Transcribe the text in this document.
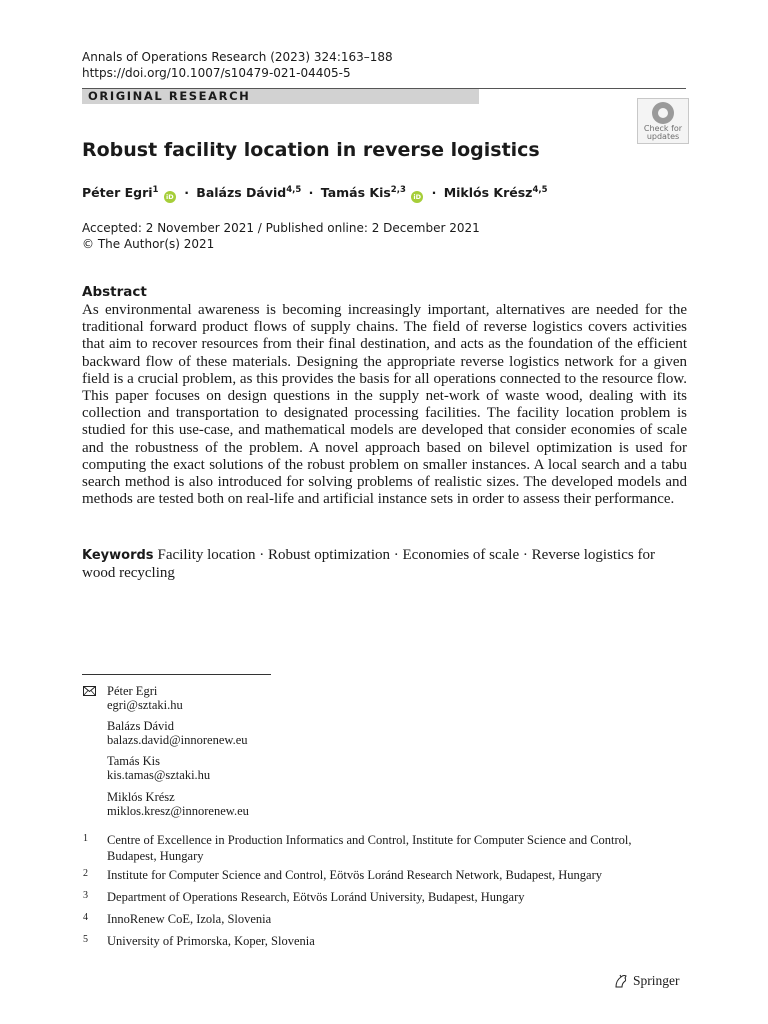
Annals of Operations Research (2023) 324:163–188
https://doi.org/10.1007/s10479-021-04405-5
ORIGINAL RESEARCH
Check for
updates
Robust facility location in reverse logistics
Péter Egri$^1$ iD · Balázs Dávid$^{4,5}$ · Tamás Kis$^{2,3}$ iD · Miklós Krész$^{4,5}$
Accepted: 2 November 2021 / Published online: 2 December 2021
© The Author(s) 2021
Abstract

As environmental awareness is becoming increasingly important, alternatives are needed for the traditional forward product flows of supply chains. The field of reverse logistics covers activities that aim to recover resources from their final destination, and acts as the foundation of the efficient backward flow of these materials. Designing the appropriate reverse logistics network for a given field is a crucial problem, as this provides the basis for all operations connected to the resource flow. This paper focuses on design questions in the supply net-work of waste wood, dealing with its collection and transportation to designated processing facilities. The facility location problem is studied for this use-case, and mathematical models are developed that consider economies of scale and the robustness of the problem. A novel approach based on bilevel optimization is used for computing the exact solutions of the robust problem on smaller instances. A local search and a tabu search method is also introduced for solving problems of realistic sizes. The developed models and methods are tested both on real-life and artificial instance sets in order to assess their performance.

Keywords Facility location · Robust optimization · Economies of scale · Reverse logistics for wood recycling

Péter Egri
egri@sztaki.hu
Balázs Dávid
balazs.david@innorenew.eu
Tamás Kis
kis.tamas@sztaki.hu
Miklós Krész
miklos.kresz@innorenew.eu
1 Centre of Excellence in Production Informatics and Control, Institute for Computer Science and Control, Budapest, Hungary
2 Institute for Computer Science and Control, Eötvös Loránd Research Network, Budapest, Hungary
3 Department of Operations Research, Eötvös Loránd University, Budapest, Hungary
4 InnoRenew CoE, Izola, Slovenia
5 University of Primorska, Koper, Slovenia
Springer
